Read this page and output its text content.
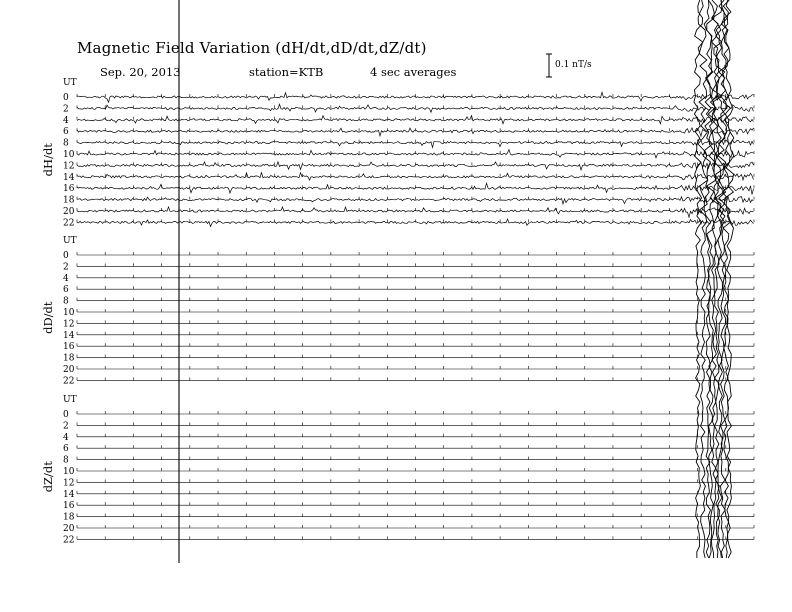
UT
dH/dt
0
2
4
6
8
10
12
14
16
18
20
22
UT
dD/dt
0
2
4
6
8
10
12
14
16
18
20
22
UT
dZ/dt
0
2
4
6
8
10
12
14
16
18
20
22
Magnetic Field Variation (dH/dt,dD/dt,dZ/dt)
Sep. 20, 2013	station=KTB	4 sec averages	0.1 nT/s
